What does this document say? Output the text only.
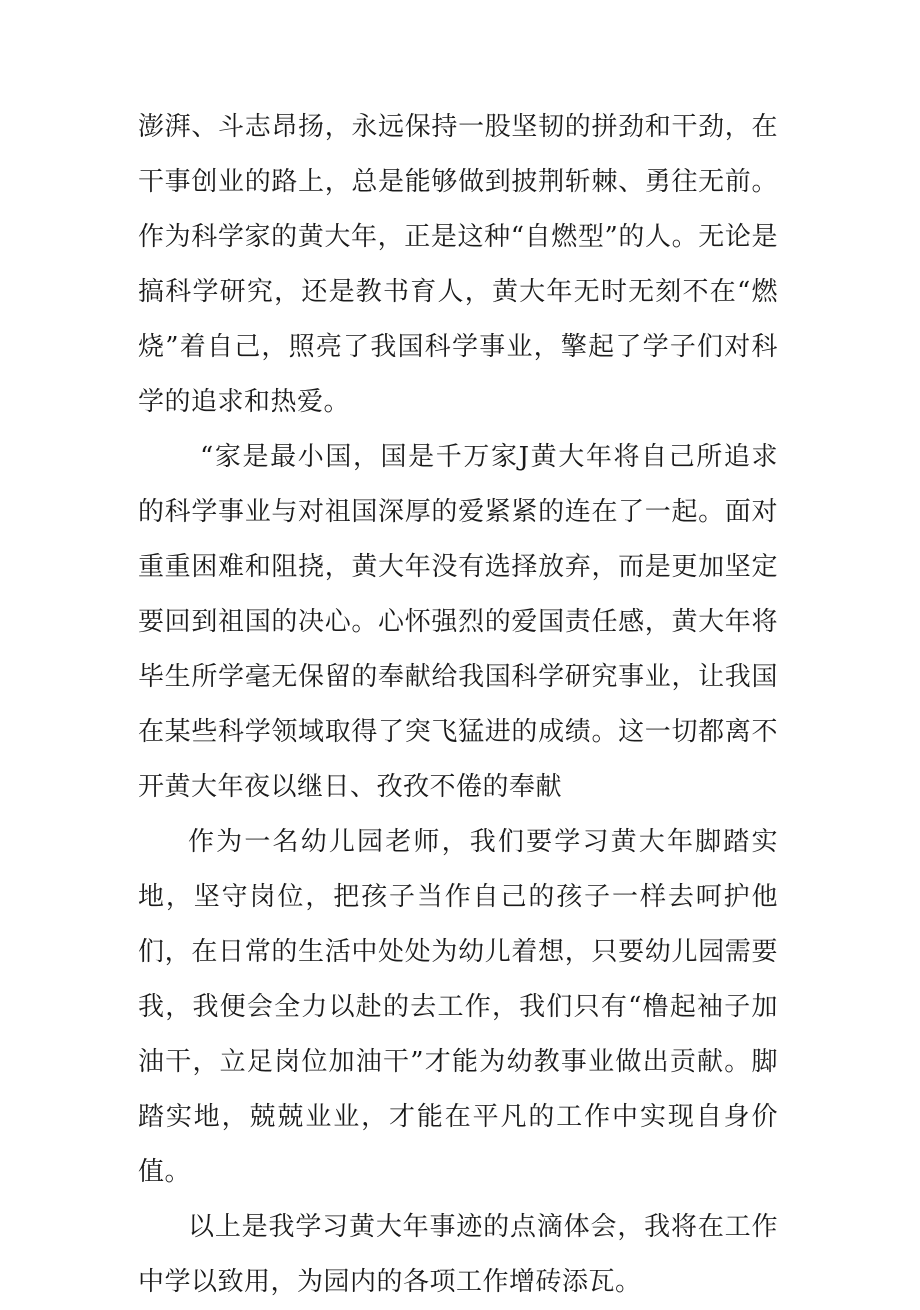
澎湃、斗志昂扬，永远保持一股坚韧的拼劲和干劲，在干事创业的路上，总是能够做到披荆斩棘、勇往无前。作为科学家的黄大年，正是这种“自燃型”的人。无论是搞科学研究，还是教书育人，黄大年无时无刻不在“燃烧”着自己，照亮了我国科学事业，擎起了学子们对科学的追求和热爱。

“家是最小国，国是千万家J黄大年将自己所追求的科学事业与对祖国深厚的爱紧紧的连在了一起。面对重重困难和阻挠，黄大年没有选择放弃，而是更加坚定要回到祖国的决心。心怀强烈的爱国责任感，黄大年将毕生所学毫无保留的奉献给我国科学研究事业，让我国在某些科学领域取得了突飞猛进的成绩。这一切都离不开黄大年夜以继日、孜孜不倦的奉献

作为一名幼儿园老师，我们要学习黄大年脚踏实地，坚守岗位，把孩子当作自己的孩子一样去呵护他们，在日常的生活中处处为幼儿着想，只要幼儿园需要我，我便会全力以赴的去工作，我们只有“橹起袖子加油干，立足岗位加油干”才能为幼教事业做出贡献。脚踏实地，兢兢业业，才能在平凡的工作中实现自身价值。

以上是我学习黄大年事迹的点滴体会，我将在工作中学以致用，为园内的各项工作增砖添瓦。
